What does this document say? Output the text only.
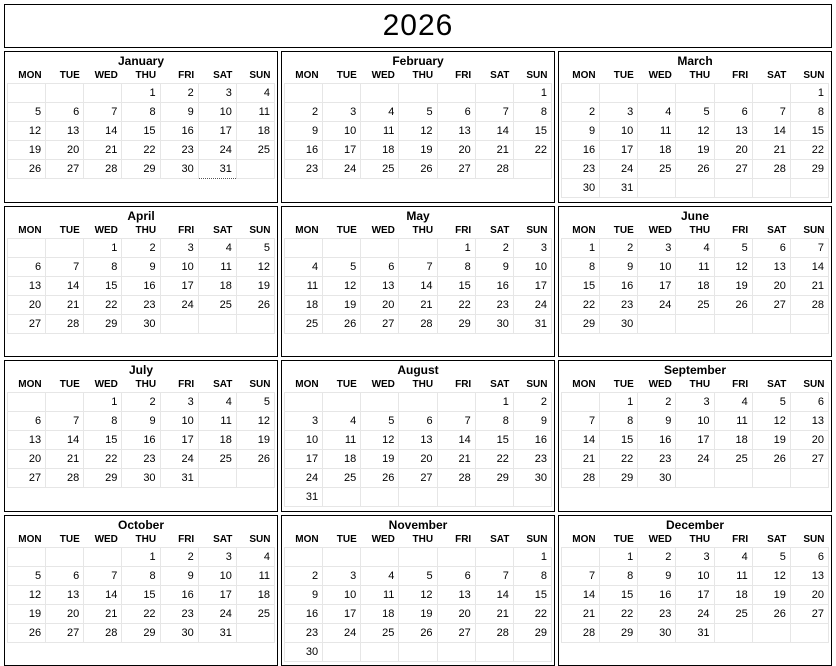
2026
January
MON	TUE	WED	THU	FRI	SAT	SUN
			1	2	3	4
5	6	7	8	9	10	11
12	13	14	15	16	17	18
19	20	21	22	23	24	25
26	27	28	29	30	31	

February
MON	TUE	WED	THU	FRI	SAT	SUN
						1
2	3	4	5	6	7	8
9	10	11	12	13	14	15
16	17	18	19	20	21	22
23	24	25	26	27	28	

March
MON	TUE	WED	THU	FRI	SAT	SUN
						1
2	3	4	5	6	7	8
9	10	11	12	13	14	15
16	17	18	19	20	21	22
23	24	25	26	27	28	29
30	31					
April
MON	TUE	WED	THU	FRI	SAT	SUN
		1	2	3	4	5
6	7	8	9	10	11	12
13	14	15	16	17	18	19
20	21	22	23	24	25	26
27	28	29	30			

May
MON	TUE	WED	THU	FRI	SAT	SUN
				1	2	3
4	5	6	7	8	9	10
11	12	13	14	15	16	17
18	19	20	21	22	23	24
25	26	27	28	29	30	31

June
MON	TUE	WED	THU	FRI	SAT	SUN
1	2	3	4	5	6	7
8	9	10	11	12	13	14
15	16	17	18	19	20	21
22	23	24	25	26	27	28
29	30					

July
MON	TUE	WED	THU	FRI	SAT	SUN
		1	2	3	4	5
6	7	8	9	10	11	12
13	14	15	16	17	18	19
20	21	22	23	24	25	26
27	28	29	30	31		

August
MON	TUE	WED	THU	FRI	SAT	SUN
					1	2
3	4	5	6	7	8	9
10	11	12	13	14	15	16
17	18	19	20	21	22	23
24	25	26	27	28	29	30
31						
September
MON	TUE	WED	THU	FRI	SAT	SUN
	1	2	3	4	5	6
7	8	9	10	11	12	13
14	15	16	17	18	19	20
21	22	23	24	25	26	27
28	29	30				

October
MON	TUE	WED	THU	FRI	SAT	SUN
			1	2	3	4
5	6	7	8	9	10	11
12	13	14	15	16	17	18
19	20	21	22	23	24	25
26	27	28	29	30	31	

November
MON	TUE	WED	THU	FRI	SAT	SUN
						1
2	3	4	5	6	7	8
9	10	11	12	13	14	15
16	17	18	19	20	21	22
23	24	25	26	27	28	29
30						
December
MON	TUE	WED	THU	FRI	SAT	SUN
	1	2	3	4	5	6
7	8	9	10	11	12	13
14	15	16	17	18	19	20
21	22	23	24	25	26	27
28	29	30	31			
